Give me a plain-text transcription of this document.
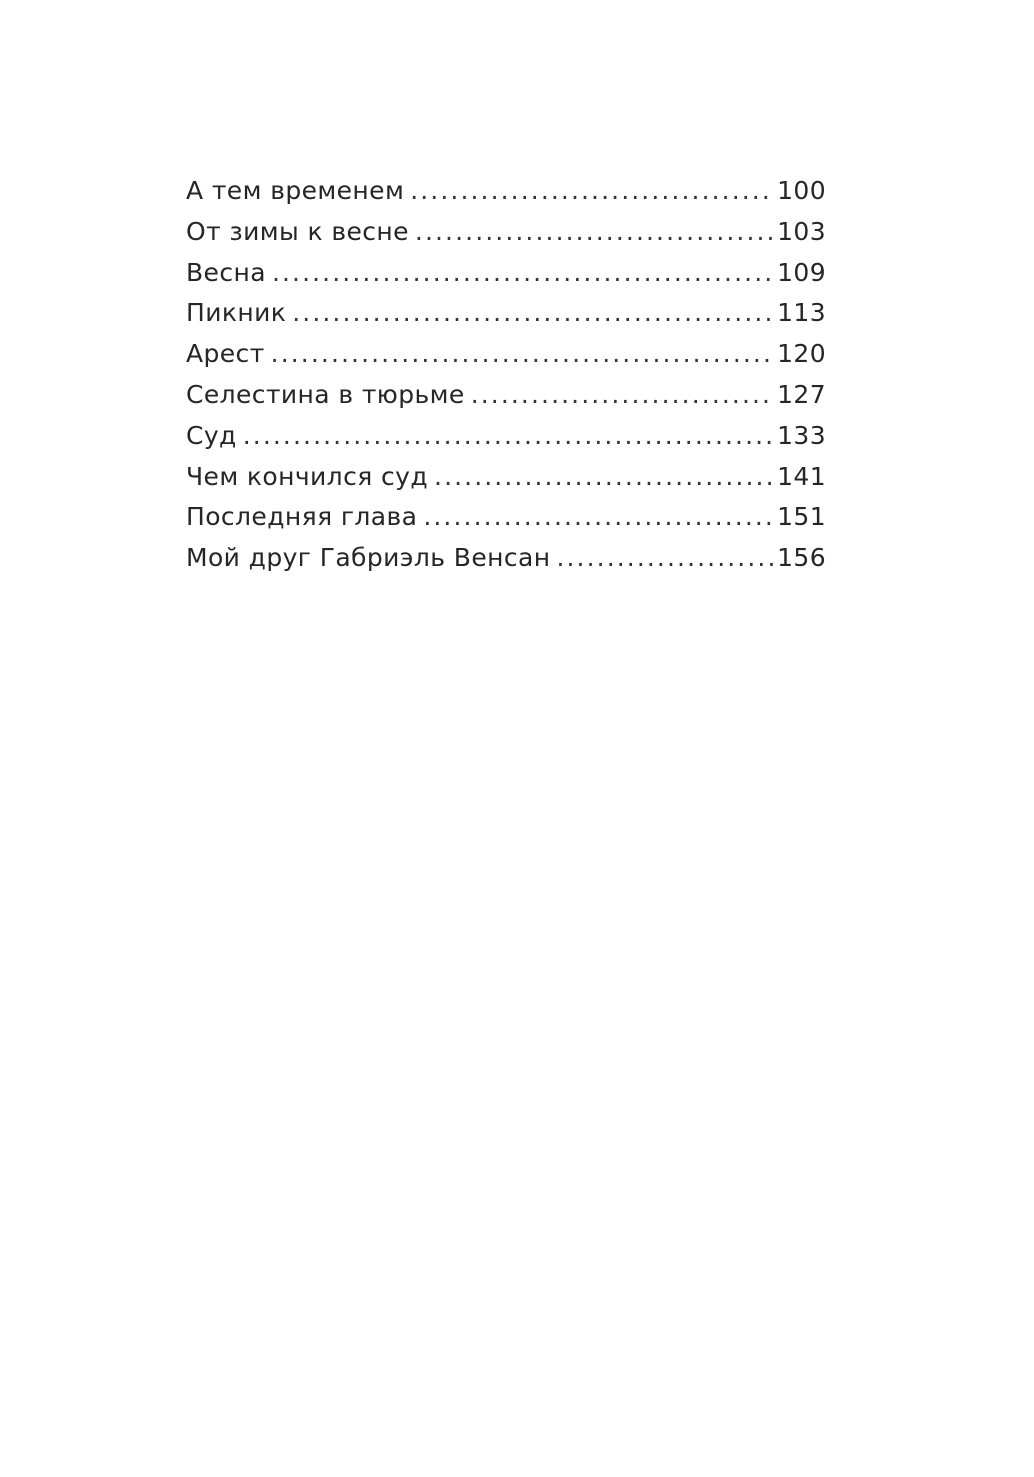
А тем временем .....	100
От зимы к весне .....	103
Весна .....	109
Пикник .....	113
Арест .....	120
Селестина в тюрьме .....	127
Суд .....	133
Чем кончился суд .....	141
Последняя глава .....	151
Мой друг Габриэль Венсан .....	156
